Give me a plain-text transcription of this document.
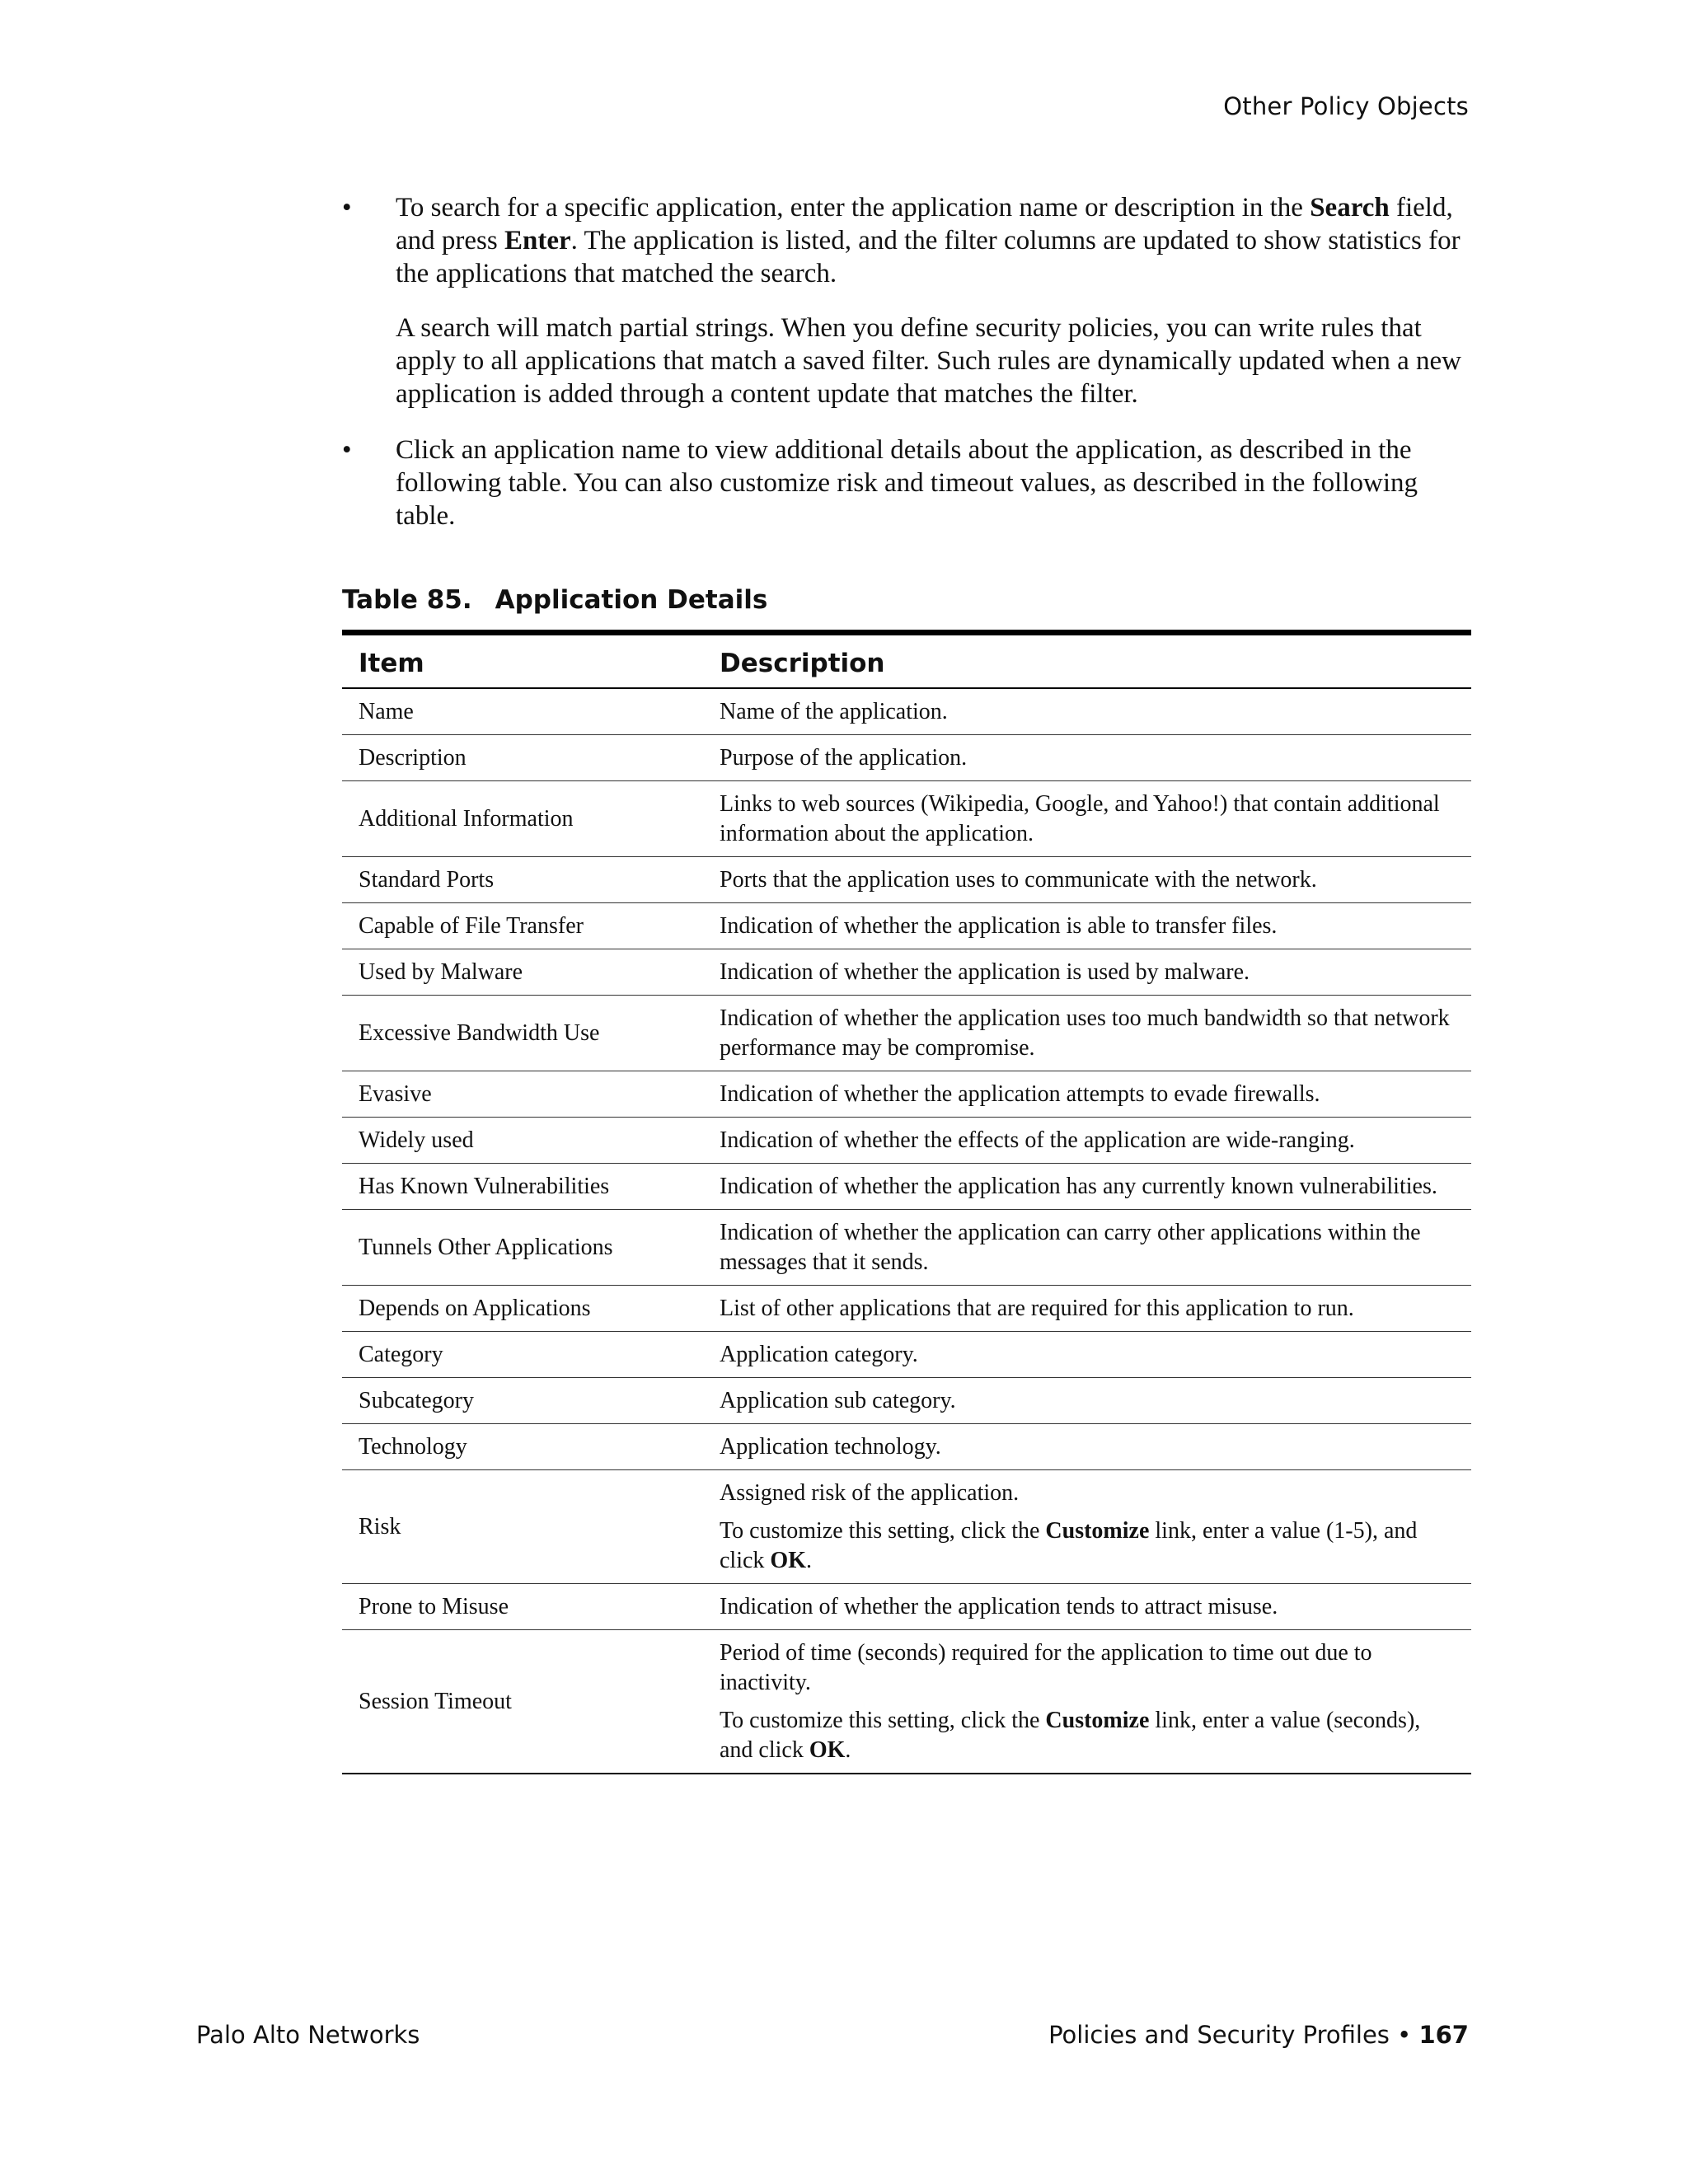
Other Policy Objects
•	To search for a specific application, enter the application name or description in the Search field, and press Enter. The application is listed, and the filter columns are updated to show statistics for the applications that matched the search.

A search will match partial strings. When you define security policies, you can write rules that apply to all applications that match a saved filter. Such rules are dynamically updated when a new application is added through a content update that matches the filter.

•	Click an application name to view additional details about the application, as described in the following table. You can also customize risk and timeout values, as described in the following table.

Table 85. Application Details
Item	Description
Name	Name of the application.
Description	Purpose of the application.
Additional Information	Links to web sources (Wikipedia, Google, and Yahoo!) that contain additional information about the application.
Standard Ports	Ports that the application uses to communicate with the network.
Capable of File Transfer	Indication of whether the application is able to transfer files.
Used by Malware	Indication of whether the application is used by malware.
Excessive Bandwidth Use	Indication of whether the application uses too much bandwidth so that network performance may be compromise.
Evasive	Indication of whether the application attempts to evade firewalls.
Widely used	Indication of whether the effects of the application are wide-ranging.
Has Known Vulnerabilities	Indication of whether the application has any currently known vulnerabilities.
Tunnels Other Applications	Indication of whether the application can carry other applications within the messages that it sends.
Depends on Applications	List of other applications that are required for this application to run.
Category	Application category.
Subcategory	Application sub category.
Technology	Application technology.
Risk	Assigned risk of the application.

To customize this setting, click the Customize link, enter a value (1-5), and click OK.

Prone to Misuse	Indication of whether the application tends to attract misuse.
Session Timeout	Period of time (seconds) required for the application to time out due to inactivity.

To customize this setting, click the Customize link, enter a value (seconds), and click OK.

Palo Alto Networks	Policies and Security Profiles • 167
